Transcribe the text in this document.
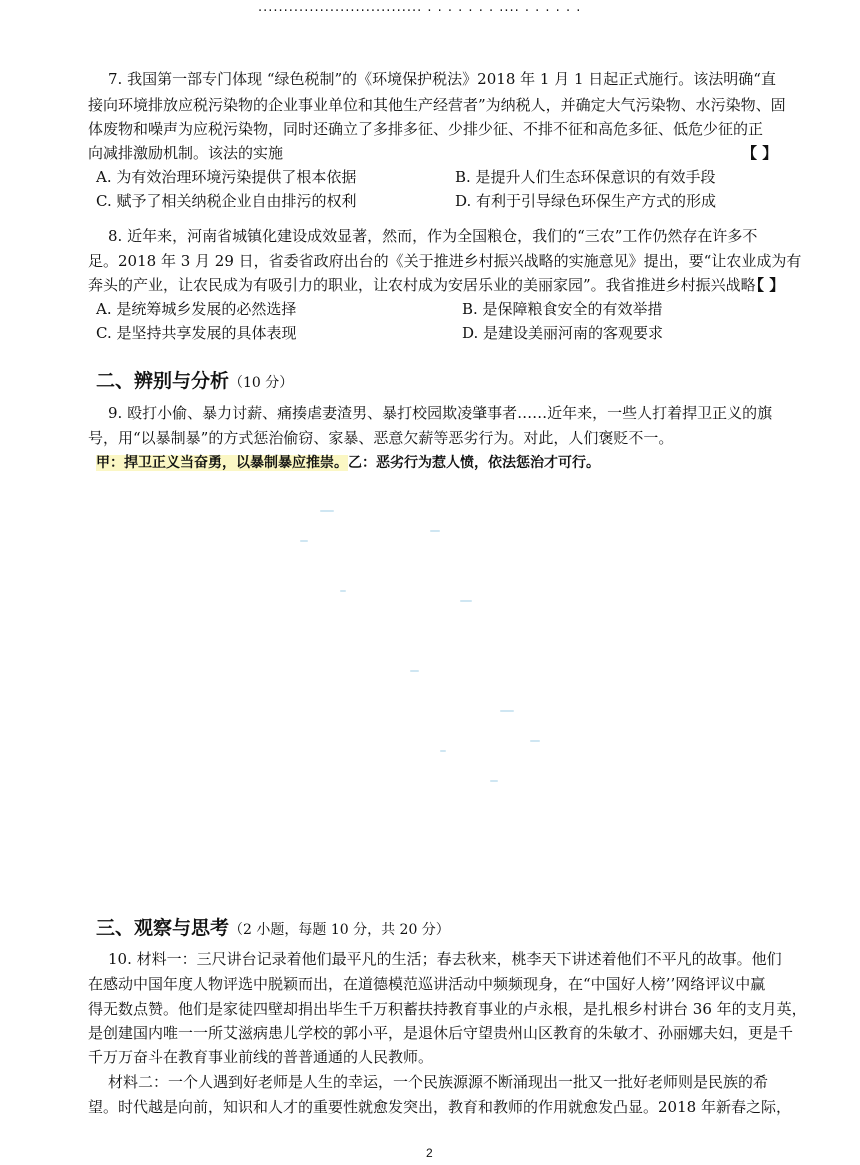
................................ . . . . . . . .... . . . . . .
7. 我国第一部专门体现 “绿色税制”的《环境保护税法》2018 年 1 月 1 日起正式施行。该法明确“直
接向环境排放应税污染物的企业事业单位和其他生产经营者”为纳税人，并确定大气污染物、水污染物、固
体废物和噪声为应税污染物，同时还确立了多排多征、少排少征、不排不征和高危多征、低危少征的正
向减排激励机制。该法的实施	【 】
A. 为有效治理环境污染提供了根本依据	B. 是提升人们生态环保意识的有效手段
C. 赋予了相关纳税企业自由排污的权利	D. 有利于引导绿色环保生产方式的形成
8. 近年来，河南省城镇化建设成效显著，然而，作为全国粮仓，我们的“三农”工作仍然存在许多不
足。2018 年 3 月 29 日，省委省政府出台的《关于推进乡村振兴战略的实施意见》提出，要“让农业成为有
奔头的产业，让农民成为有吸引力的职业，让农村成为安居乐业的美丽家园”。我省推进乡村振兴战略
【 】
A. 是统筹城乡发展的必然选择	B. 是保障粮食安全的有效举措
C. 是坚持共享发展的具体表现	D. 是建设美丽河南的客观要求
二、辨别与分析（10 分）
9. 殴打小偷、暴力讨薪、痛揍虐妻渣男、暴打校园欺凌肇事者……近年来，一些人打着捍卫正义的旗
号，用“以暴制暴”的方式惩治偷窃、家暴、恶意欠薪等恶劣行为。对此，人们褒贬不一。
甲：捍卫正义当奋勇，以暴制暴应推崇。乙：恶劣行为惹人愤，依法惩治才可行。
三、观察与思考（2 小题，每题 10 分，共 20 分）
10. 材料一：三尺讲台记录着他们最平凡的生活；春去秋来，桃李天下讲述着他们不平凡的故事。他们
在感动中国年度人物评选中脱颖而出，在道德模范巡讲活动中频频现身，在“中国好人榜’’网络评议中赢
得无数点赞。他们是家徒四壁却捐出毕生千万积蓄扶持教育事业的卢永根，是扎根乡村讲台 36 年的支月英，
是创建国内唯一一所艾滋病患儿学校的郭小平，是退休后守望贵州山区教育的朱敏才、孙丽娜夫妇，更是千
千万万奋斗在教育事业前线的普普通通的人民教师。
材料二：一个人遇到好老师是人生的幸运，一个民族源源不断涌现出一批又一批好老师则是民族的希
望。时代越是向前，知识和人才的重要性就愈发突出，教育和教师的作用就愈发凸显。2018 年新春之际，
2
